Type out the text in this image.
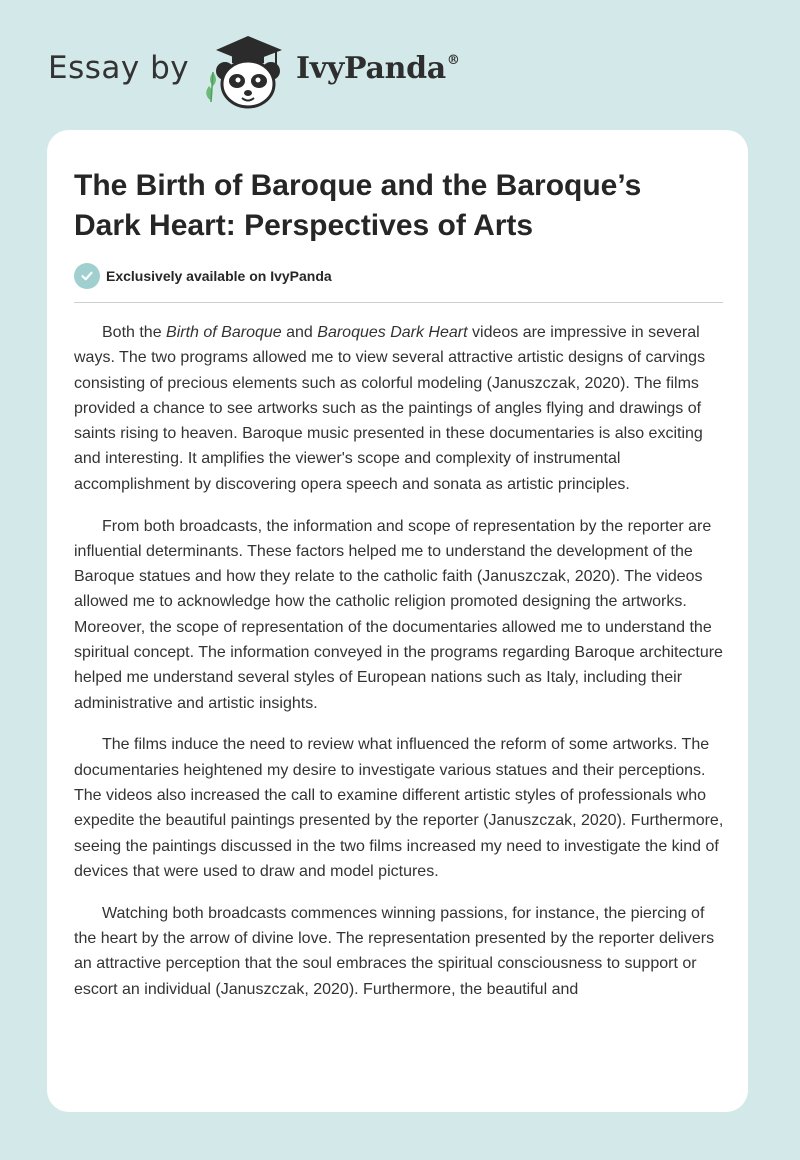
Essay by	IvyPanda®
The Birth of Baroque and the Baroque’s Dark Heart: Perspectives of Arts
Exclusively available on IvyPanda

Both the Birth of Baroque and Baroques Dark Heart videos are impressive in several ways. The two programs allowed me to view several attractive artistic designs of carvings consisting of precious elements such as colorful modeling (Januszczak, 2020). The films provided a chance to see artworks such as the paintings of angles flying and drawings of saints rising to heaven. Baroque music presented in these documentaries is also exciting and interesting. It amplifies the viewer's scope and complexity of instrumental accomplishment by discovering opera speech and sonata as artistic principles.

From both broadcasts, the information and scope of representation by the reporter are influential determinants. These factors helped me to understand the development of the Baroque statues and how they relate to the catholic faith (Januszczak, 2020). The videos allowed me to acknowledge how the catholic religion promoted designing the artworks. Moreover, the scope of representation of the documentaries allowed me to understand the spiritual concept. The information conveyed in the programs regarding Baroque architecture helped me understand several styles of European nations such as Italy, including their administrative and artistic insights.

The films induce the need to review what influenced the reform of some artworks. The documentaries heightened my desire to investigate various statues and their perceptions. The videos also increased the call to examine different artistic styles of professionals who expedite the beautiful paintings presented by the reporter (Januszczak, 2020). Furthermore, seeing the paintings discussed in the two films increased my need to investigate the kind of devices that were used to draw and model pictures.

Watching both broadcasts commences winning passions, for instance, the piercing of the heart by the arrow of divine love. The representation presented by the reporter delivers an attractive perception that the soul embraces the spiritual consciousness to support or escort an individual (Januszczak, 2020). Furthermore, the beautiful and
